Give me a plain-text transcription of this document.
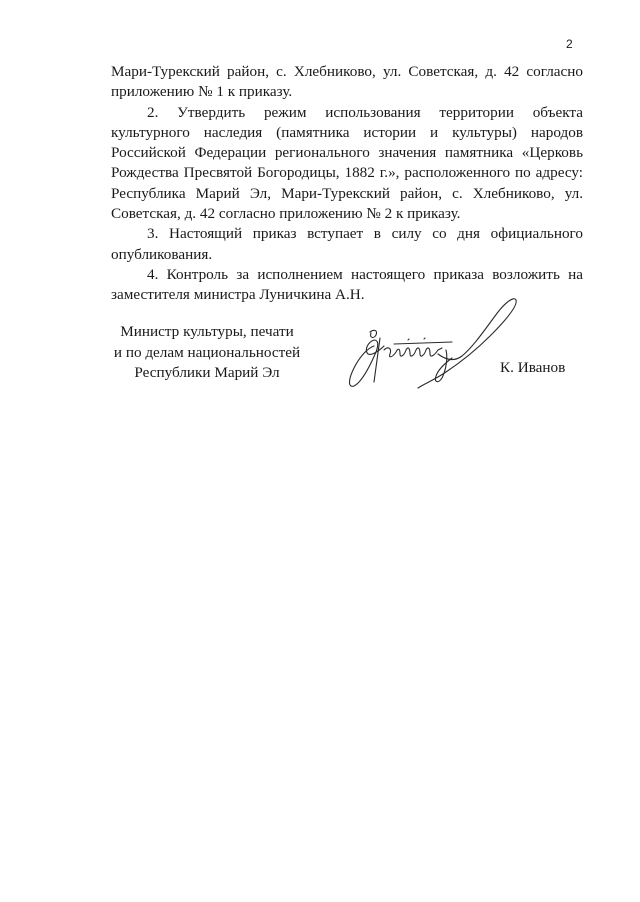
2

Мари-Турекский район, с. Хлебниково, ул. Советская, д. 42 согласно приложению № 1 к приказу.

2. Утвердить режим использования территории объекта культурного наследия (памятника истории и культуры) народов Российской Федерации регионального значения памятника «Церковь Рождества Пресвятой Богородицы, 1882 г.», расположенного по адресу: Республика Марий Эл, Мари-Турекский район, с. Хлебниково, ул. Советская, д. 42 согласно приложению № 2 к приказу.

3. Настоящий приказ вступает в силу со дня официального опубликования.

4. Контроль за исполнением настоящего приказа возложить на заместителя министра Луничкина А.Н.

Министр культуры, печати
и по делам национальностей
Республики Марий Эл	К. Иванов
